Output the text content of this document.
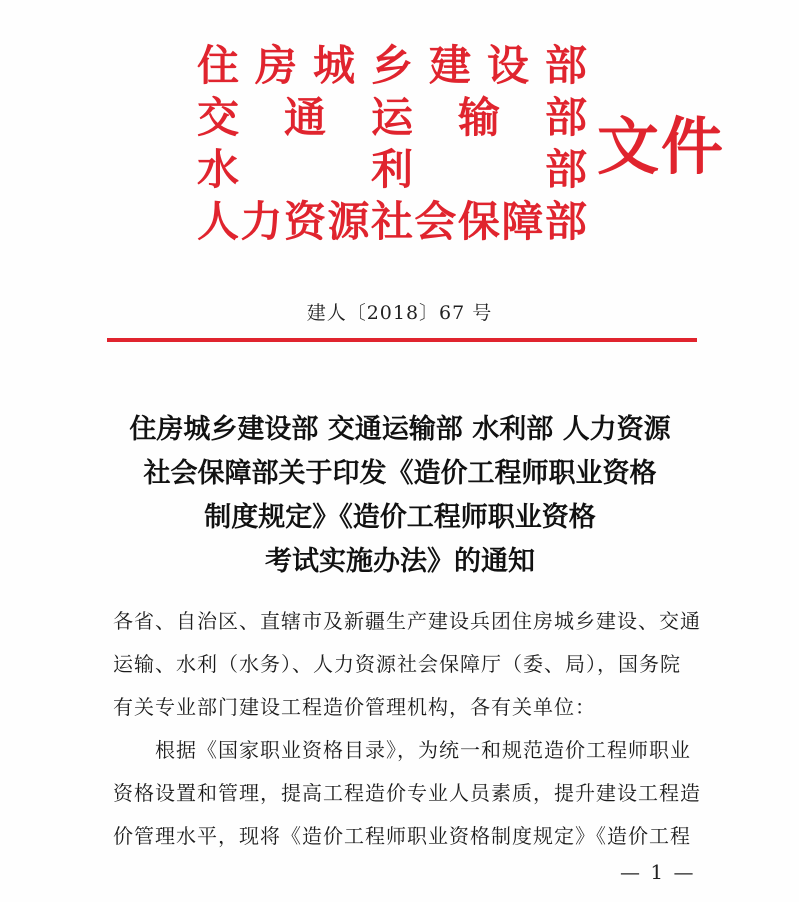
住 房 城 乡 建 设 部
交 通 运 输 部
水	利	部
人 力 资 源 社 会 保 障 部
文件
建人〔2018〕67 号
住房城乡建设部 交通运输部 水利部 人力资源
社会保障部关于印发《造价工程师职业资格
制度规定》《造价工程师职业资格
考试实施办法》的通知
各省、自治区、直辖市及新疆生产建设兵团住房城乡建设、交通
运输、水利（水务）、人力资源社会保障厅（委、局），国务院
有关专业部门建设工程造价管理机构，各有关单位：
根据《国家职业资格目录》，为统一和规范造价工程师职业
资格设置和管理，提高工程造价专业人员素质，提升建设工程造
价管理水平，现将《造价工程师职业资格制度规定》《造价工程
— 1 —
